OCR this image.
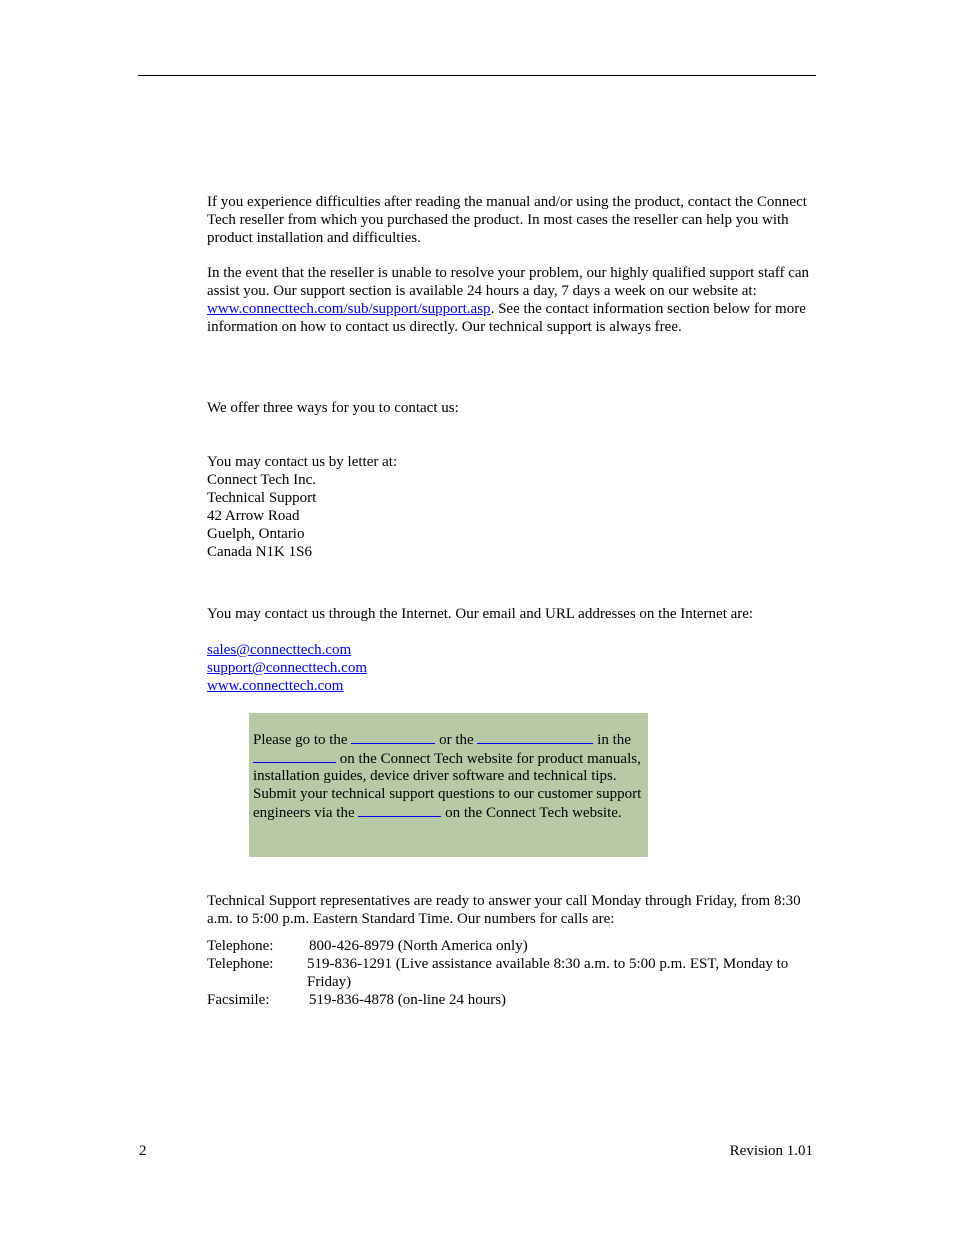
If you experience difficulties after reading the manual and/or using the product, contact the Connect Tech reseller from which you purchased the product. In most cases the reseller can help you with product installation and difficulties.

In the event that the reseller is unable to resolve your problem, our highly qualified support staff can assist you. Our support section is available 24 hours a day, 7 days a week on our website at: www.connecttech.com/sub/support/support.asp. See the contact information section below for more information on how to contact us directly. Our technical support is always free.

We offer three ways for you to contact us:

You may contact us by letter at:
Connect Tech Inc.
Technical Support
42 Arrow Road
Guelph, Ontario
Canada N1K 1S6

You may contact us through the Internet. Our email and URL addresses on the Internet are:

sales@connecttech.com
support@connecttech.com
www.connecttech.com
Please go to the	or the	in the  on the Connect Tech website for product manuals, installation guides, device driver software and technical tips.
Submit your technical support questions to our customer support engineers via the	on the Connect Tech website.

Technical Support representatives are ready to answer your call Monday through Friday, from 8:30 a.m. to 5:00 p.m. Eastern Standard Time. Our numbers for calls are:

Telephone: 800-426-8979 (North America only)
Telephone: 519-836-1291 (Live assistance available 8:30 a.m. to 5:00 p.m. EST, Monday to Friday)
Facsimile:	519-836-4878 (on-line 24 hours)
2	Revision 1.01
